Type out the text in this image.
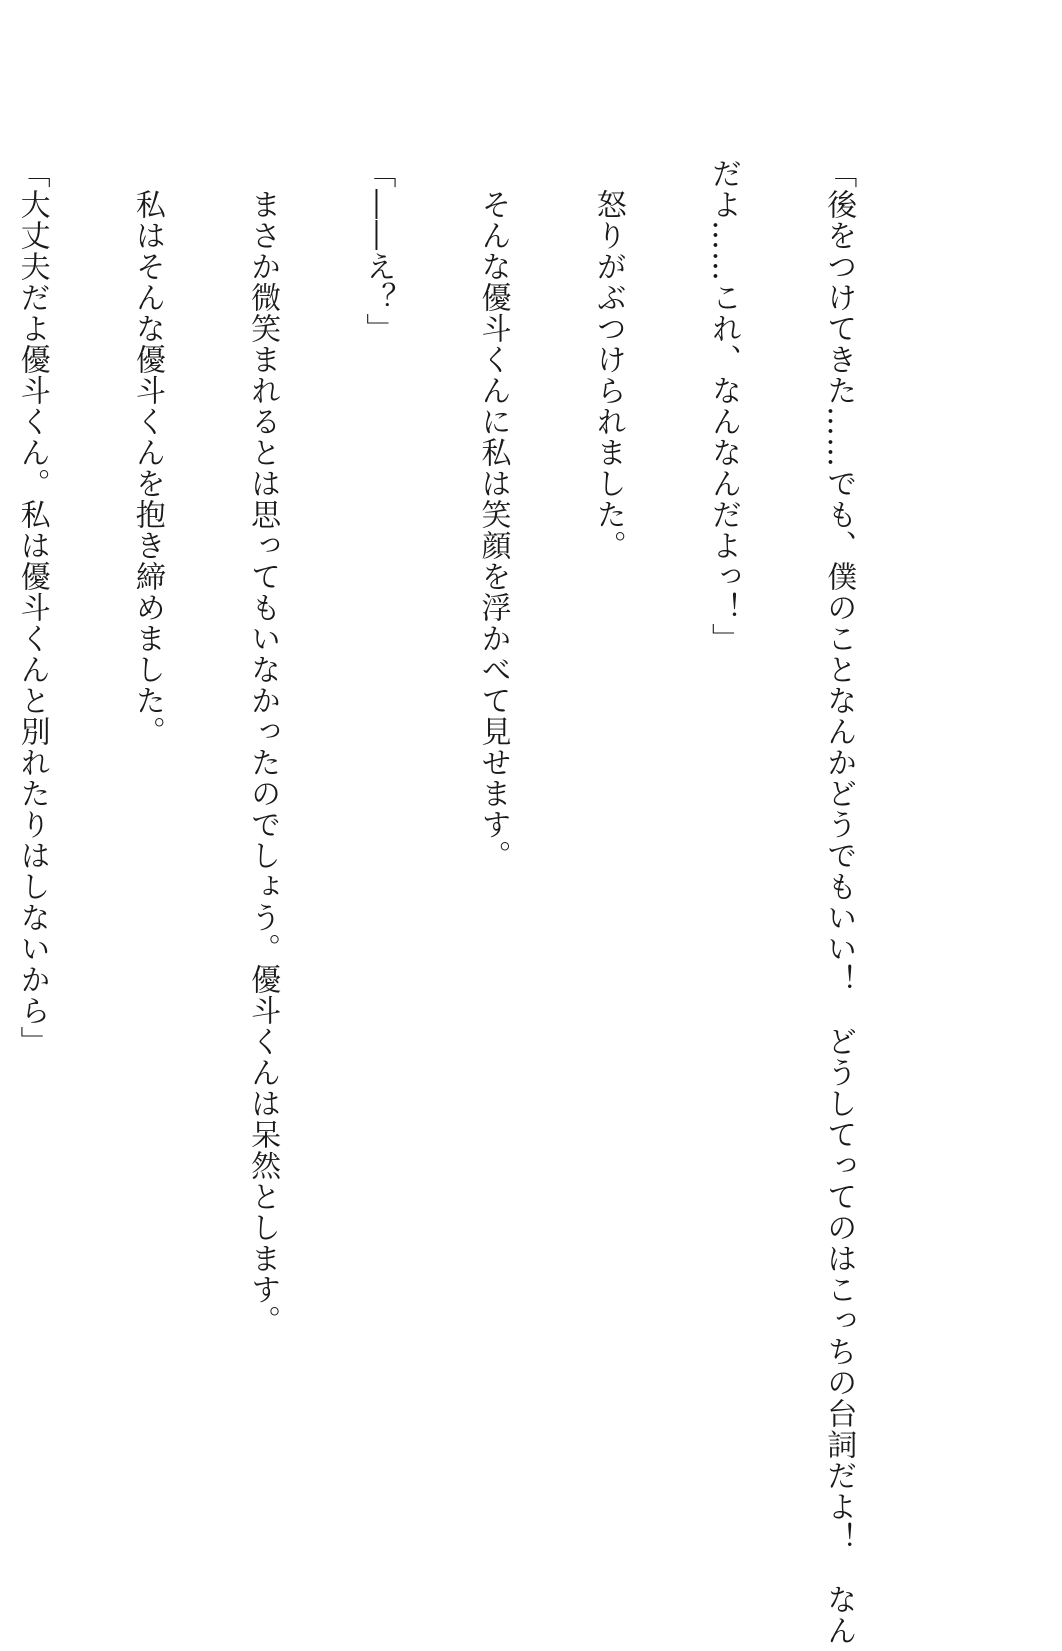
「後をつけてきた……でも、僕のことなんかどうでもいい！　どうしてってのはこっちの台詞だよ！　なん

だよ……これ、なんなんだよっ！」

　怒りがぶつけられました。

　そんな優斗くんに私は笑顔を浮かべて見せます。

「――え？」

　まさか微笑まれるとは思ってもいなかったのでしょう。優斗くんは呆然とします。

　私はそんな優斗くんを抱き締めました。

「大丈夫だよ優斗くん。私は優斗くんと別れたりはしないから」
